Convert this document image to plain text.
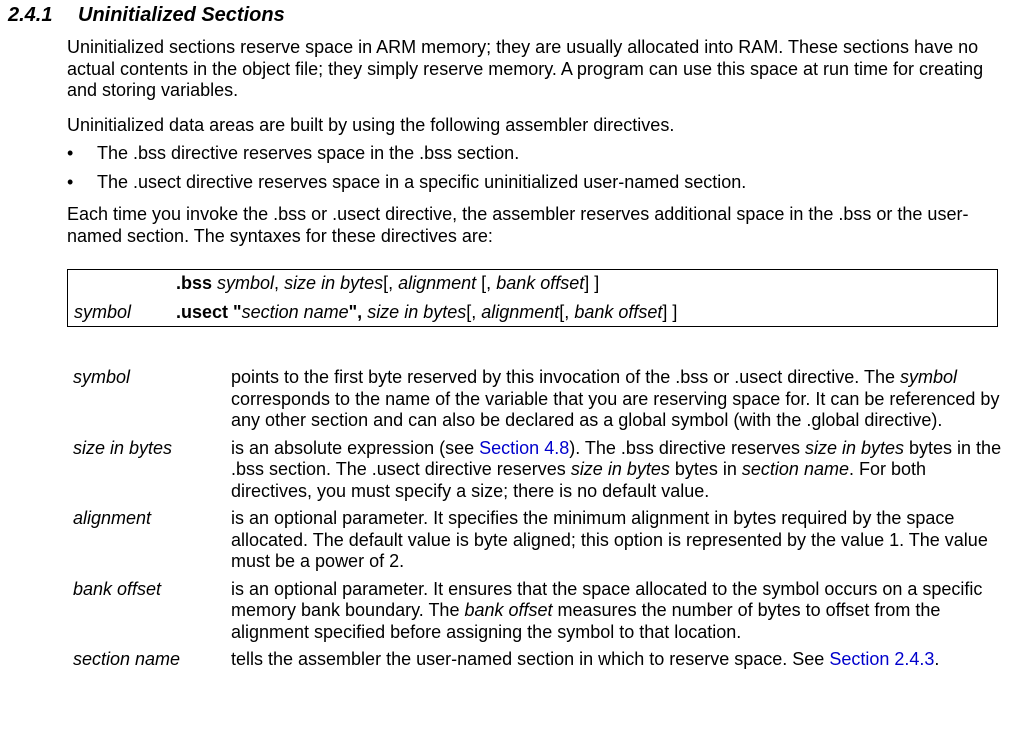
2.4.1 Uninitialized Sections
Uninitialized sections reserve space in ARM memory; they are usually allocated into RAM. These sections have no actual contents in the object file; they simply reserve memory. A program can use this space at run time for creating and storing variables.
Uninitialized data areas are built by using the following assembler directives.
• The .bss directive reserves space in the .bss section.
• The .usect directive reserves space in a specific uninitialized user-named section.
Each time you invoke the .bss or .usect directive, the assembler reserves additional space in the .bss or the user-named section. The syntaxes for these directives are:
.bss symbol, size in bytes[, alignment [, bank offset] ]
symbol .usect "section name", size in bytes[, alignment[, bank offset] ]
symbol	points to the first byte reserved by this invocation of the .bss or .usect directive. The symbol corresponds to the name of the variable that you are reserving space for. It can be referenced by any other section and can also be declared as a global symbol (with the .global directive).
size in bytes	is an absolute expression (see Section 4.8). The .bss directive reserves size in bytes bytes in the .bss section. The .usect directive reserves size in bytes bytes in section name. For both directives, you must specify a size; there is no default value.
alignment	is an optional parameter. It specifies the minimum alignment in bytes required by the space allocated. The default value is byte aligned; this option is represented by the value 1. The value must be a power of 2.
bank offset	is an optional parameter. It ensures that the space allocated to the symbol occurs on a specific memory bank boundary. The bank offset measures the number of bytes to offset from the alignment specified before assigning the symbol to that location.
section name	tells the assembler the user-named section in which to reserve space. See Section 2.4.3.
